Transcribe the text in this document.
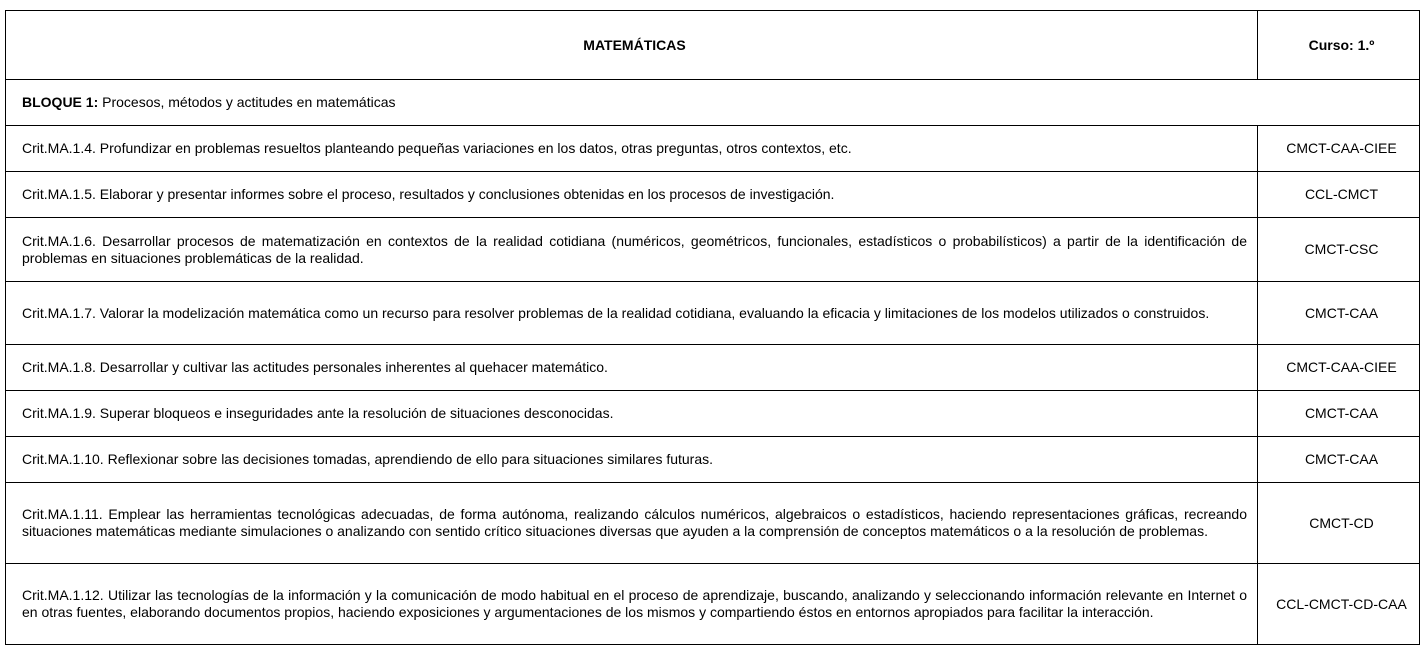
MATEMÁTICAS	Curso: 1.º
BLOQUE 1: Procesos, métodos y actitudes en matemáticas	
Crit.MA.1.4. Profundizar en problemas resueltos planteando pequeñas variaciones en los datos, otras preguntas, otros contextos, etc.	CMCT-CAA-CIEE
Crit.MA.1.5. Elaborar y presentar informes sobre el proceso, resultados y conclusiones obtenidas en los procesos de investigación.	CCL-CMCT
Crit.MA.1.6. Desarrollar procesos de matematización en contextos de la realidad cotidiana (numéricos, geométricos, funcionales, estadísticos o probabilísticos) a partir de la identificación de problemas en situaciones problemáticas de la realidad.	CMCT-CSC
Crit.MA.1.7. Valorar la modelización matemática como un recurso para resolver problemas de la realidad cotidiana, evaluando la eficacia y limitaciones de los modelos utilizados o construidos.	CMCT-CAA
Crit.MA.1.8. Desarrollar y cultivar las actitudes personales inherentes al quehacer matemático.	CMCT-CAA-CIEE
Crit.MA.1.9. Superar bloqueos e inseguridades ante la resolución de situaciones desconocidas.	CMCT-CAA
Crit.MA.1.10. Reflexionar sobre las decisiones tomadas, aprendiendo de ello para situaciones similares futuras.	CMCT-CAA
Crit.MA.1.11. Emplear las herramientas tecnológicas adecuadas, de forma autónoma, realizando cálculos numéricos, algebraicos o estadísticos, haciendo representaciones gráficas, recreando situaciones matemáticas mediante simulaciones o analizando con sentido crítico situaciones diversas que ayuden a la comprensión de conceptos matemáticos o a la resolución de problemas.	CMCT-CD
Crit.MA.1.12. Utilizar las tecnologías de la información y la comunicación de modo habitual en el proceso de aprendizaje, buscando, analizando y seleccionando información relevante en Internet o en otras fuentes, elaborando documentos propios, haciendo exposiciones y argumentaciones de los mismos y compartiendo éstos en entornos apropiados para facilitar la interacción.	CCL-CMCT-CD-CAA
